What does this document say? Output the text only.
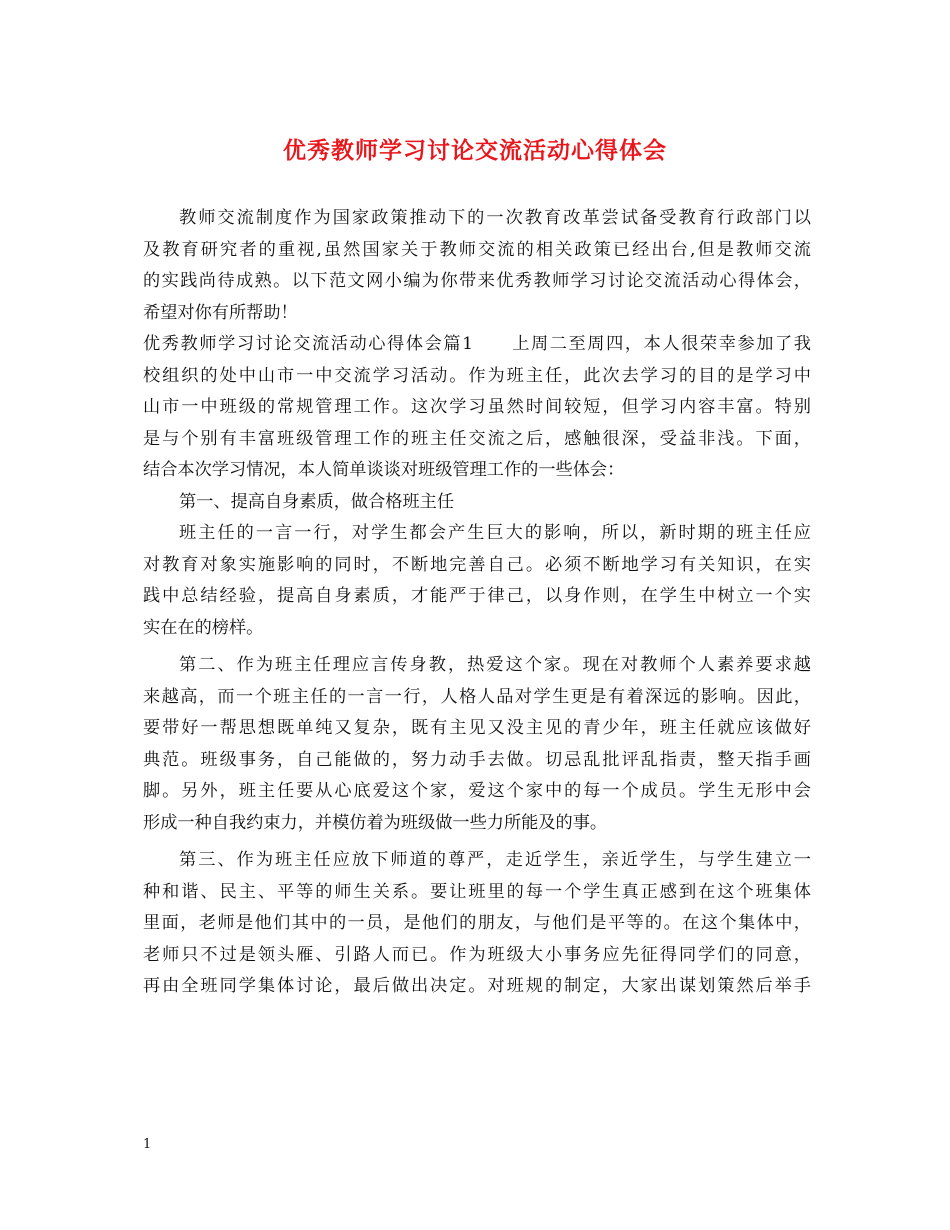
优秀教师学习讨论交流活动心得体会
教师交流制度作为国家政策推动下的一次教育改革尝试备受教育行政部门以
及教育研究者的重视,虽然国家关于教师交流的相关政策已经出台,但是教师交流
的实践尚待成熟。以下范文网小编为你带来优秀教师学习讨论交流活动心得体会，
希望对你有所帮助！
优秀教师学习讨论交流活动心得体会篇1　　上周二至周四，本人很荣幸参加了我
校组织的处中山市一中交流学习活动。作为班主任，此次去学习的目的是学习中
山市一中班级的常规管理工作。这次学习虽然时间较短，但学习内容丰富。特别
是与个别有丰富班级管理工作的班主任交流之后，感触很深，受益非浅。下面，
结合本次学习情况，本人简单谈谈对班级管理工作的一些体会：
第一、提高自身素质，做合格班主任
班主任的一言一行，对学生都会产生巨大的影响，所以，新时期的班主任应
对教育对象实施影响的同时，不断地完善自己。必须不断地学习有关知识，在实
践中总结经验，提高自身素质，才能严于律己，以身作则，在学生中树立一个实
实在在的榜样。
第二、作为班主任理应言传身教，热爱这个家。现在对教师个人素养要求越
来越高，而一个班主任的一言一行，人格人品对学生更是有着深远的影响。因此，
要带好一帮思想既单纯又复杂，既有主见又没主见的青少年，班主任就应该做好
典范。班级事务，自己能做的，努力动手去做。切忌乱批评乱指责，整天指手画
脚。另外，班主任要从心底爱这个家，爱这个家中的每一个成员。学生无形中会
形成一种自我约束力，并模仿着为班级做一些力所能及的事。
第三、作为班主任应放下师道的尊严，走近学生，亲近学生，与学生建立一
种和谐、民主、平等的师生关系。要让班里的每一个学生真正感到在这个班集体
里面，老师是他们其中的一员，是他们的朋友，与他们是平等的。在这个集体中，
老师只不过是领头雁、引路人而已。作为班级大小事务应先征得同学们的同意，
再由全班同学集体讨论，最后做出决定。对班规的制定，大家出谋划策然后举手
1
